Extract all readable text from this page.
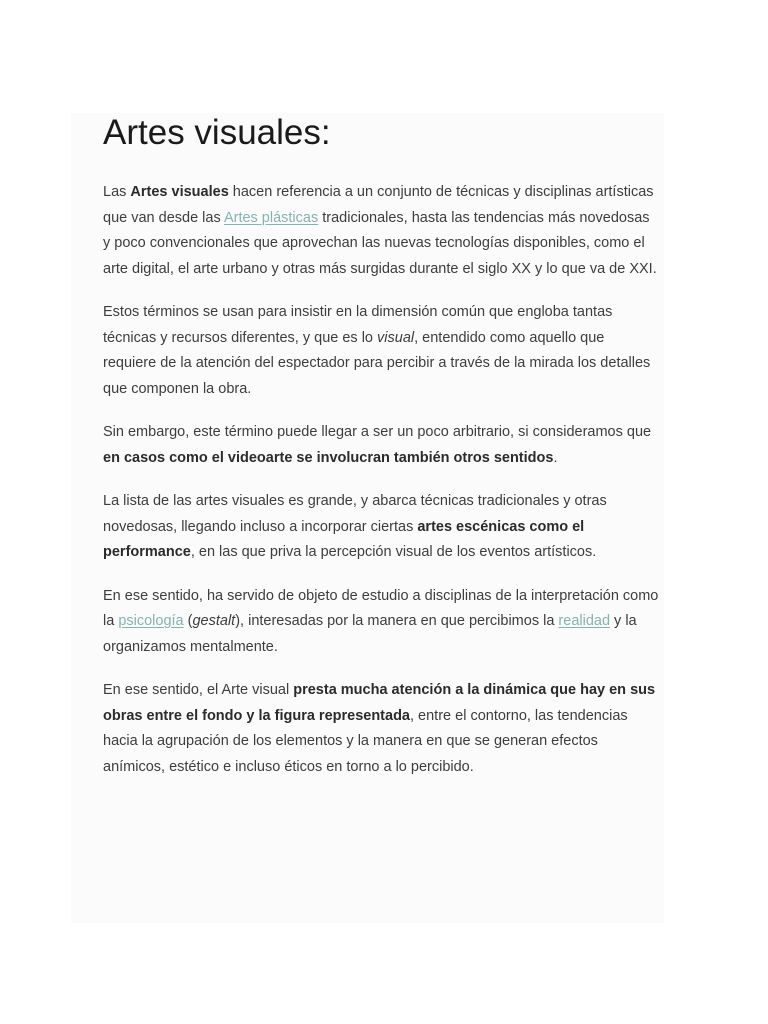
Artes visuales:

Las Artes visuales hacen referencia a un conjunto de técnicas y disciplinas artísticas que van desde las Artes plásticas tradicionales, hasta las tendencias más novedosas y poco convencionales que aprovechan las nuevas tecnologías disponibles, como el arte digital, el arte urbano y otras más surgidas durante el siglo XX y lo que va de XXI.

Estos términos se usan para insistir en la dimensión común que engloba tantas técnicas y recursos diferentes, y que es lo visual, entendido como aquello que requiere de la atención del espectador para percibir a través de la mirada los detalles que componen la obra.

Sin embargo, este término puede llegar a ser un poco arbitrario, si consideramos que en casos como el videoarte se involucran también otros sentidos.

La lista de las artes visuales es grande, y abarca técnicas tradicionales y otras novedosas, llegando incluso a incorporar ciertas artes escénicas como el performance, en las que priva la percepción visual de los eventos artísticos.

En ese sentido, ha servido de objeto de estudio a disciplinas de la interpretación como la psicología (gestalt), interesadas por la manera en que percibimos la realidad y la organizamos mentalmente.

En ese sentido, el Arte visual presta mucha atención a la dinámica que hay en sus obras entre el fondo y la figura representada, entre el contorno, las tendencias hacia la agrupación de los elementos y la manera en que se generan efectos anímicos, estético e incluso éticos en torno a lo percibido.
